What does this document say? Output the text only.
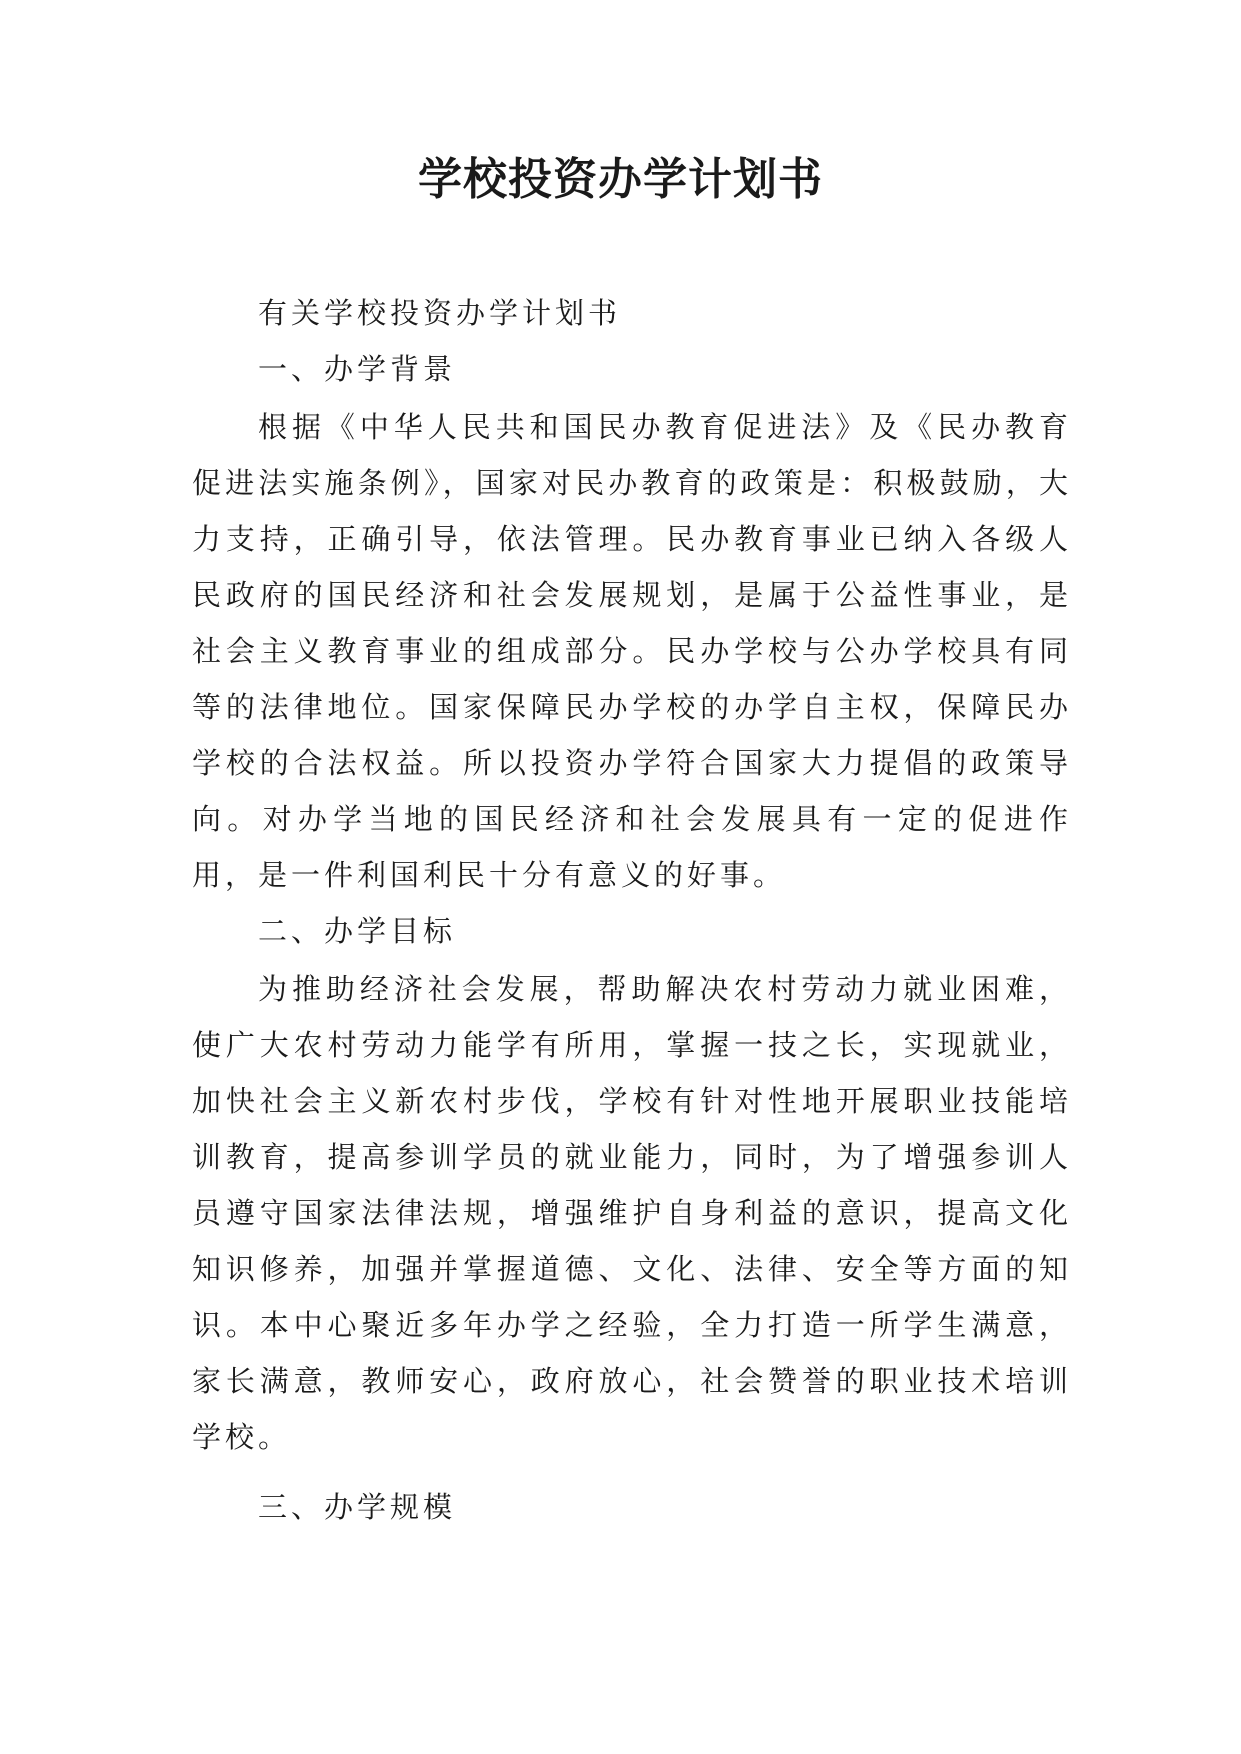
学校投资办学计划书

有关学校投资办学计划书

一、办学背景

根据《中华人民共和国民办教育促进法》及《民办教育促进法实施条例》，国家对民办教育的政策是：积极鼓励，大力支持，正确引导，依法管理。民办教育事业已纳入各级人民政府的国民经济和社会发展规划，是属于公益性事业，是社会主义教育事业的组成部分。民办学校与公办学校具有同等的法律地位。国家保障民办学校的办学自主权，保障民办学校的合法权益。所以投资办学符合国家大力提倡的政策导向。对办学当地的国民经济和社会发展具有一定的促进作用，是一件利国利民十分有意义的好事。

二、办学目标

为推助经济社会发展，帮助解决农村劳动力就业困难，使广大农村劳动力能学有所用，掌握一技之长，实现就业，加快社会主义新农村步伐，学校有针对性地开展职业技能培训教育，提高参训学员的就业能力，同时，为了增强参训人员遵守国家法律法规，增强维护自身利益的意识，提高文化知识修养，加强并掌握道德、文化、法律、安全等方面的知识。本中心聚近多年办学之经验，全力打造一所学生满意，家长满意，教师安心，政府放心，社会赞誉的职业技术培训学校。

三、办学规模
